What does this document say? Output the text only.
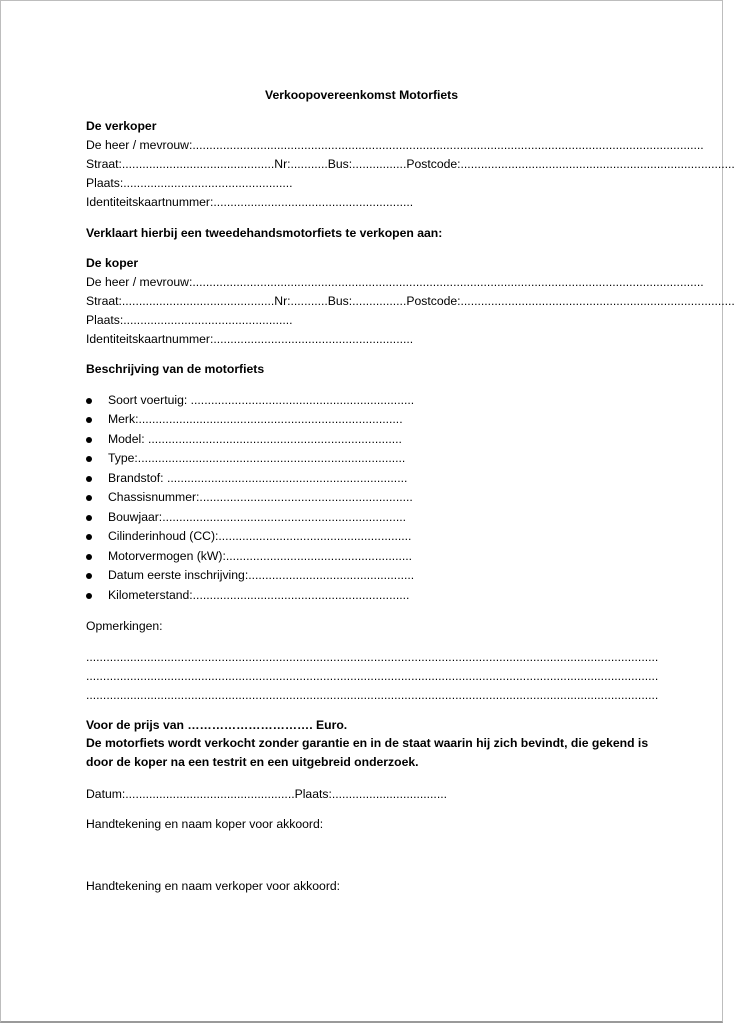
Verkoopovereenkomst Motorfiets
De verkoper
De heer / mevrouw:.......................................................................................................................................................
Straat:.............................................Nr:...........Bus:................Postcode:.................................................................................
Plaats:..................................................
Identiteitskaartnummer:...........................................................
Verklaart hierbij een tweedehandsmotorfiets te verkopen aan:
De koper
De heer / mevrouw:.......................................................................................................................................................
Straat:.............................................Nr:...........Bus:................Postcode:.................................................................................
Plaats:..................................................
Identiteitskaartnummer:...........................................................
Beschrijving van de motorfiets
Soort voertuig: ..................................................................
Merk:..............................................................................
Model: ...........................................................................
Type:...............................................................................
Brandstof: .......................................................................
Chassisnummer:...............................................................
Bouwjaar:........................................................................
Cilinderinhoud (CC):.........................................................
Motorvermogen (kW):.......................................................
Datum eerste inschrijving:.................................................
Kilometerstand:................................................................
Opmerkingen:
.........................................................................................................................................................................
.........................................................................................................................................................................
.........................................................................................................................................................................
Voor de prijs van …………………………. Euro.
De motorfiets wordt verkocht zonder garantie en in de staat waarin hij zich bevindt, die gekend is
door de koper na een testrit en een uitgebreid onderzoek.
Datum:..................................................Plaats:..................................
Handtekening en naam koper voor akkoord:
Handtekening en naam verkoper voor akkoord:
